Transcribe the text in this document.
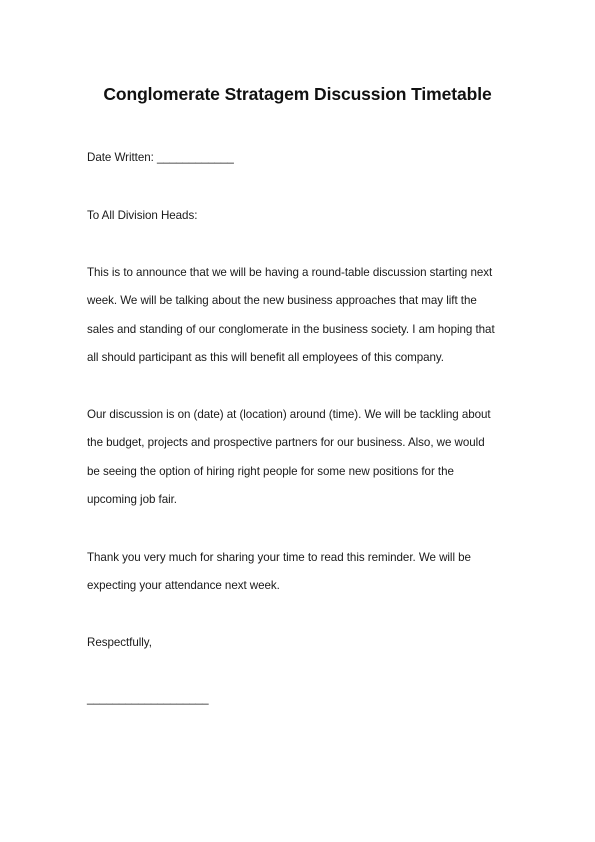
Conglomerate Stratagem Discussion Timetable
Date Written: ____________
To All Division Heads:
This is to announce that we will be having a round-table discussion starting next
week. We will be talking about the new business approaches that may lift the
sales and standing of our conglomerate in the business society. I am hoping that
all should participant as this will benefit all employees of this company.
Our discussion is on (date) at (location) around (time). We will be tackling about
the budget, projects and prospective partners for our business. Also, we would
be seeing the option of hiring right people for some new positions for the
upcoming job fair.
Thank you very much for sharing your time to read this reminder. We will be
expecting your attendance next week.
Respectfully,
___________________
